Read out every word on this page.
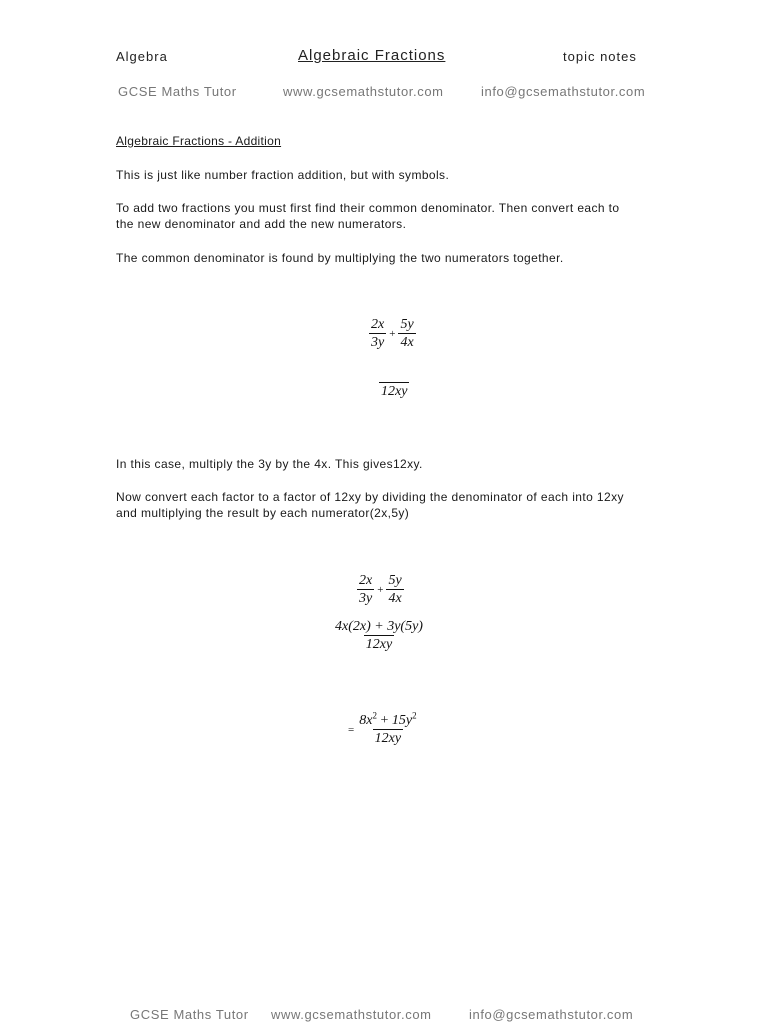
Algebra	Algebraic Fractions	topic notes
GCSE Maths Tutor	www.gcsemathstutor.com	info@gcsemathstutor.com
Algebraic Fractions - Addition
This is just like number fraction addition, but with symbols.
To add two fractions you must first find their common denominator. Then convert each to
the new denominator and add the new numerators.
The common denominator is found by multiplying the two numerators together.
$\frac{2x}{3y} + \frac{5y}{4x}$
12xy
In this case, multiply the 3y by the 4x. This gives12xy.
Now convert each factor to a factor of 12xy by dividing the denominator of each into 12xy
and multiplying the result by each numerator(2x,5y)
$\frac{2x}{3y} + \frac{5y}{4x}$
$\frac{4x(2x) + 3y(5y)}{12xy}$
= $\frac{8x^2 + 15y^2}{12xy}$
GCSE Maths Tutor www.gcsemathstutor.com	info@gcsemathstutor.com
